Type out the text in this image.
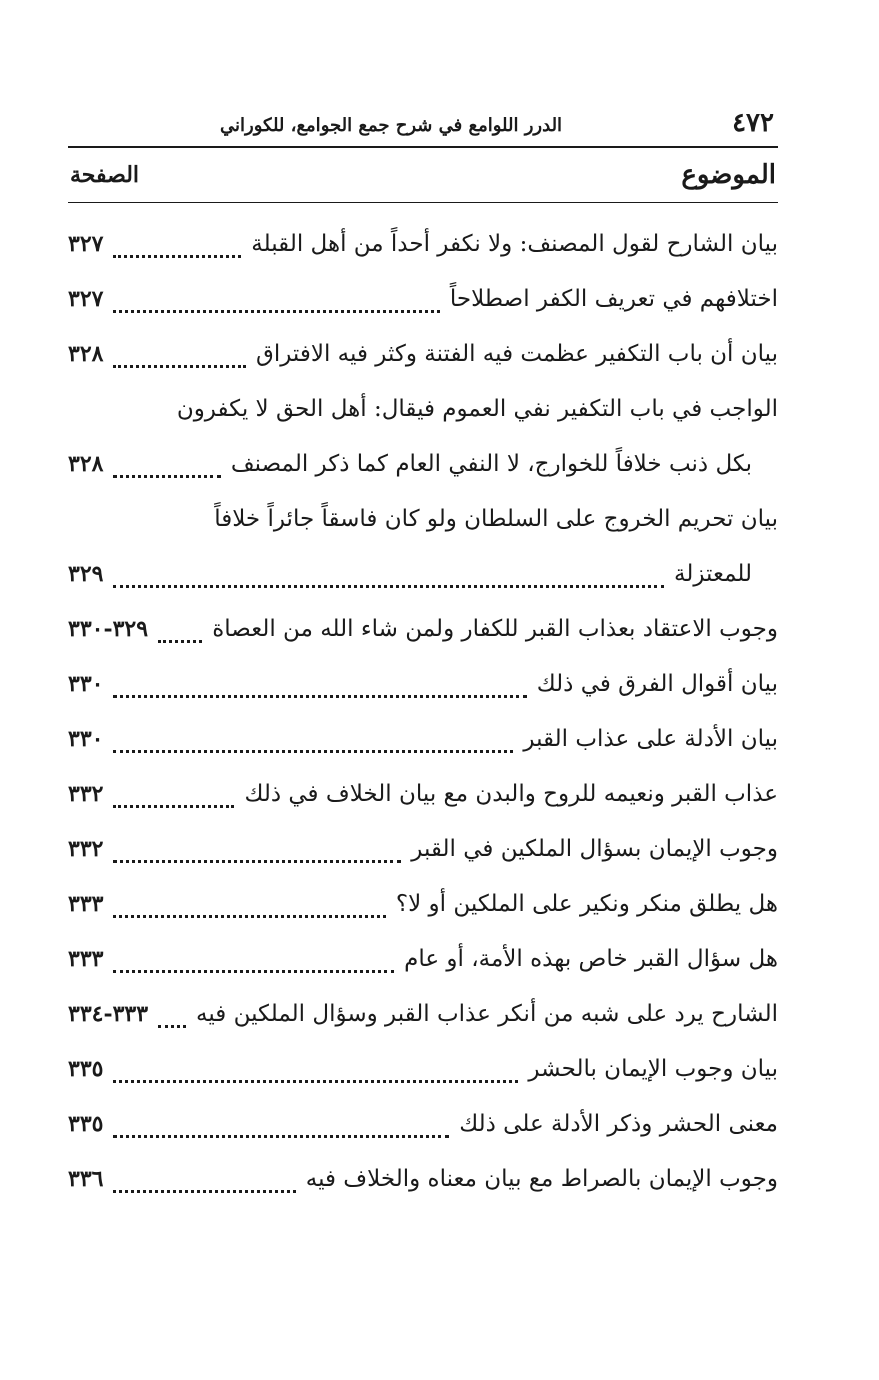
٤٧٢
الدرر اللوامع في شرح جمع الجوامع، للكوراني
الموضوع
الصفحة
بيان الشارح لقول المصنف: ولا نكفر أحداً من أهل القبلة
٣٢٧
اختلافهم في تعريف الكفر اصطلاحاً
٣٢٧
بيان أن باب التكفير عظمت فيه الفتنة وكثر فيه الافتراق
٣٢٨
الواجب في باب التكفير نفي العموم فيقال: أهل الحق لا يكفرون
بكل ذنب خلافاً للخوارج، لا النفي العام كما ذكر المصنف
٣٢٨
بيان تحريم الخروج على السلطان ولو كان فاسقاً جائراً خلافاً
للمعتزلة
٣٢٩
وجوب الاعتقاد بعذاب القبر للكفار ولمن شاء الله من العصاة
٣٢٩-٣٣٠
بيان أقوال الفرق في ذلك
٣٣٠
بيان الأدلة على عذاب القبر
٣٣٠
عذاب القبر ونعيمه للروح والبدن مع بيان الخلاف في ذلك
٣٣٢
وجوب الإيمان بسؤال الملكين في القبر
٣٣٢
هل يطلق منكر ونكير على الملكين أو لا؟
٣٣٣
هل سؤال القبر خاص بهذه الأمة، أو عام
٣٣٣
الشارح يرد على شبه من أنكر عذاب القبر وسؤال الملكين فيه
٣٣٣-٣٣٤
بيان وجوب الإيمان بالحشر
٣٣٥
معنى الحشر وذكر الأدلة على ذلك
٣٣٥
وجوب الإيمان بالصراط مع بيان معناه والخلاف فيه
٣٣٦
